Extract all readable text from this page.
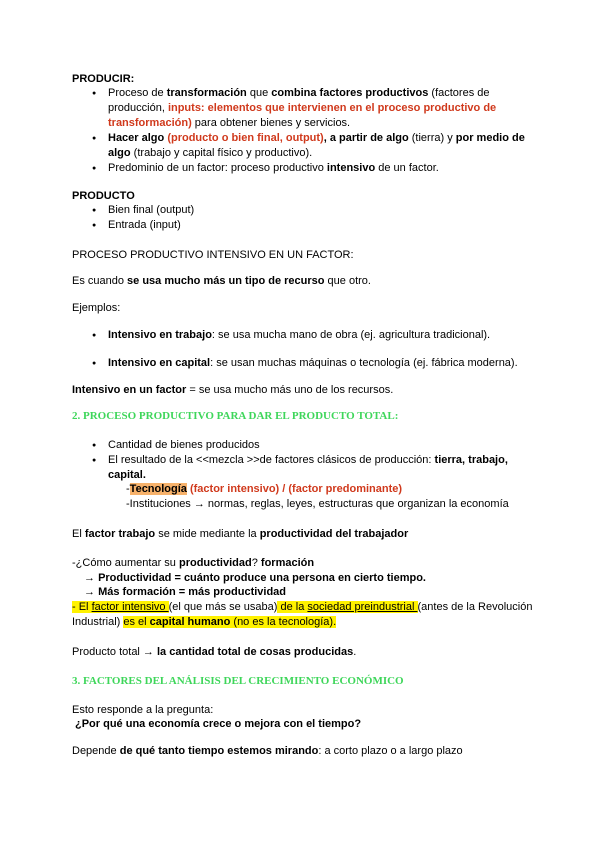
PRODUCIR:

● Proceso de transformación que combina factores productivos (factores de producción, inputs: elementos que intervienen en el proceso productivo de transformación) para obtener bienes y servicios.
● Hacer algo (producto o bien final, output), a partir de algo (tierra) y por medio de algo (trabajo y capital físico y productivo).
● Predominio de un factor: proceso productivo intensivo de un factor.

PRODUCTO

● Bien final (output)
● Entrada (input)

PROCESO PRODUCTIVO INTENSIVO EN UN FACTOR:

Es cuando se usa mucho más un tipo de recurso que otro.

Ejemplos:

● Intensivo en trabajo: se usa mucha mano de obra (ej. agricultura tradicional).
● Intensivo en capital: se usan muchas máquinas o tecnología (ej. fábrica moderna).

Intensivo en un factor = se usa mucho más uno de los recursos.

2. PROCESO PRODUCTIVO PARA DAR EL PRODUCTO TOTAL:

● Cantidad de bienes producidos
● El resultado de la <<mezcla >>de factores clásicos de producción: tierra, trabajo, capital.

-Tecnología (factor intensivo) / (factor predominante)

-Instituciones → normas, reglas, leyes, estructuras que organizan la economía

El factor trabajo se mide mediante la productividad del trabajador

-¿Cómo aumentar su productividad? formación

→ Productividad = cuánto produce una persona en cierto tiempo.

→ Más formación = más productividad

- El factor intensivo (el que más se usaba) de la sociedad preindustrial (antes de la Revolución Industrial) es el capital humano (no es la tecnología).

Producto total → la cantidad total de cosas producidas.

3. FACTORES DEL ANÁLISIS DEL CRECIMIENTO ECONÓMICO

Esto responde a la pregunta:

¿Por qué una economía crece o mejora con el tiempo?

Depende de qué tanto tiempo estemos mirando: a corto plazo o a largo plazo
